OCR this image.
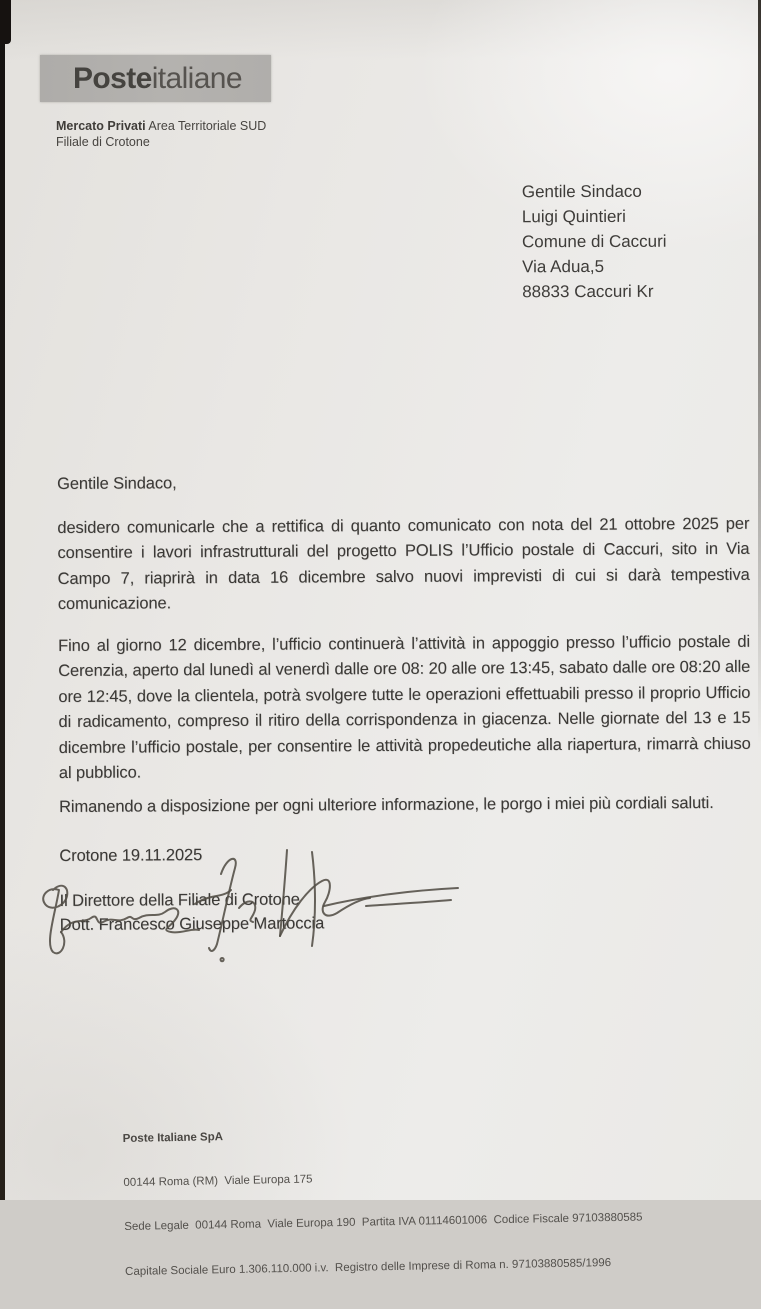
Poste italiane
Mercato Privati Area Territoriale SUD
Filiale di Crotone
Gentile Sindaco
Luigi Quintieri
Comune di Caccuri
Via Adua,5
88833 Caccuri Kr

Gentile Sindaco,

desidero comunicarle che a rettifica di quanto comunicato con nota del 21 ottobre 2025 per consentire i lavori infrastrutturali del progetto POLIS l’Ufficio postale di Caccuri, sito in Via Campo 7, riaprirà in data 16 dicembre salvo nuovi imprevisti di cui si darà tempestiva comunicazione.

Fino al giorno 12 dicembre, l’ufficio continuerà l’attività in appoggio presso l’ufficio postale di Cerenzia, aperto dal lunedì al venerdì dalle ore 08: 20 alle ore 13:45, sabato dalle ore 08:20 alle ore 12:45, dove la clientela, potrà svolgere tutte le operazioni effettuabili presso il proprio Ufficio di radicamento, compreso il ritiro della corrispondenza in giacenza. Nelle giornate del 13 e 15 dicembre l’ufficio postale, per consentire le attività propedeutiche alla riapertura, rimarrà chiuso al pubblico.

Rimanendo a disposizione per ogni ulteriore informazione, le porgo i miei più cordiali saluti.

Crotone 19.11.2025

Il Direttore della Filiale di Crotone
Dott. Francesco Giuseppe Martoccia

Poste Italiane SpA

00144 Roma (RM)  Viale Europa 175

Sede Legale  00144 Roma  Viale Europa 190  Partita IVA 01114601006  Codice Fiscale 97103880585

Capitale Sociale Euro 1.306.110.000 i.v.  Registro delle Imprese di Roma n. 97103880585/1996
